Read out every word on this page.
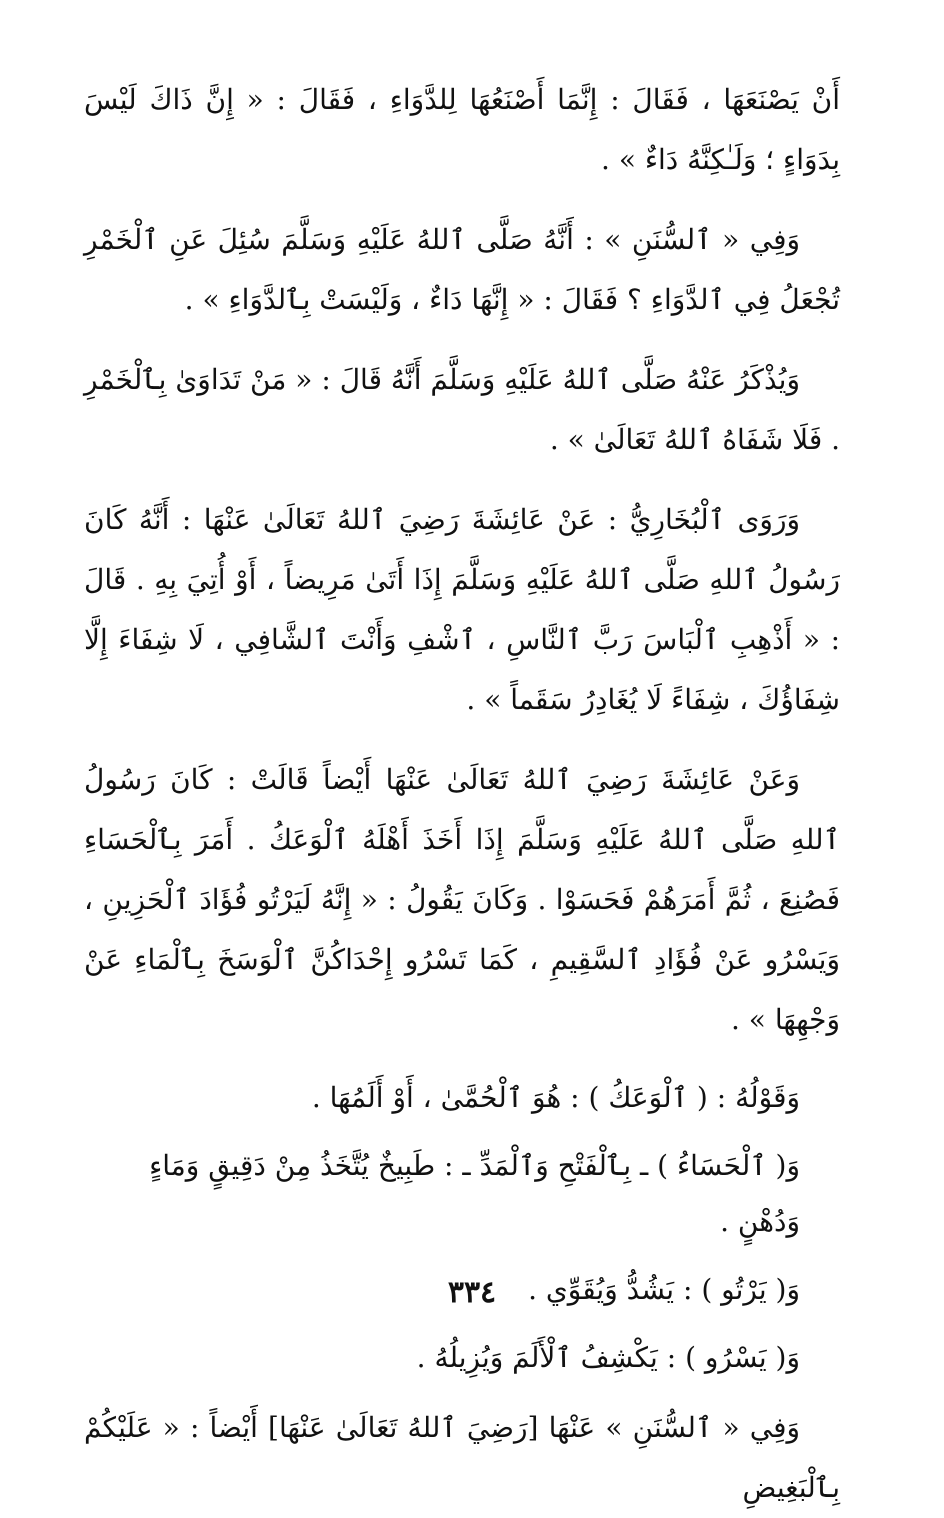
أَنْ يَصْنَعَهَا ، فَقَالَ : إِنَّمَا أَصْنَعُهَا لِلدَّوَاءِ ، فَقَالَ : « إِنَّ ذَاكَ لَيْسَ بِدَوَاءٍ ؛ وَلَـٰكِنَّهُ دَاءٌ » .

وَفِي « ٱلسُّنَنِ » : أَنَّهُ صَلَّى ٱللهُ عَلَيْهِ وَسَلَّمَ سُئِلَ عَنِ ٱلْخَمْرِ تُجْعَلُ فِي ٱلدَّوَاءِ ؟ فَقَالَ : « إِنَّهَا دَاءٌ ، وَلَيْسَتْ بِٱلدَّوَاءِ » .

وَيُذْكَرُ عَنْهُ صَلَّى ٱللهُ عَلَيْهِ وَسَلَّمَ أَنَّهُ قَالَ : « مَنْ تَدَاوَىٰ بِٱلْخَمْرِ . فَلَا شَفَاهُ ٱللهُ تَعَالَىٰ » .

وَرَوَى ٱلْبُخَارِيُّ : عَنْ عَائِشَةَ رَضِيَ ٱللهُ تَعَالَىٰ عَنْهَا : أَنَّهُ كَانَ رَسُولُ ٱللهِ صَلَّى ٱللهُ عَلَيْهِ وَسَلَّمَ إِذَا أَتَىٰ مَرِيضاً ، أَوْ أُتِيَ بِهِ . قَالَ : « أَذْهِبِ ٱلْبَاسَ رَبَّ ٱلنَّاسِ ، ٱشْفِ وَأَنْتَ ٱلشَّافِي ، لَا شِفَاءَ إِلَّا شِفَاؤُكَ ، شِفَاءً لَا يُغَادِرُ سَقَماً » .

وَعَنْ عَائِشَةَ رَضِيَ ٱللهُ تَعَالَىٰ عَنْهَا أَيْضاً قَالَتْ : كَانَ رَسُولُ ٱللهِ صَلَّى ٱللهُ عَلَيْهِ وَسَلَّمَ إِذَا أَخَذَ أَهْلَهُ ٱلْوَعَكُ . أَمَرَ بِٱلْحَسَاءِ فَصُنِعَ ، ثُمَّ أَمَرَهُمْ فَحَسَوْا . وَكَانَ يَقُولُ : « إِنَّهُ لَيَرْتُو فُؤَادَ ٱلْحَزِينِ ، وَيَسْرُو عَنْ فُؤَادِ ٱلسَّقِيمِ ، كَمَا تَسْرُو إِحْدَاكُنَّ ٱلْوَسَخَ بِٱلْمَاءِ عَنْ وَجْهِهَا » .

وَقَوْلُهُ : ( ٱلْوَعَكُ ) : هُوَ ٱلْحُمَّىٰ ، أَوْ أَلَمُهَا .

وَ( ٱلْحَسَاءُ ) ـ بِٱلْفَتْحِ وَٱلْمَدِّ ـ : طَبِيخٌ يُتَّخَذُ مِنْ دَقِيقٍ وَمَاءٍ وَدُهْنٍ .

وَ( يَرْتُو ) : يَشُدُّ وَيُقَوِّي .

وَ( يَسْرُو ) : يَكْشِفُ ٱلْأَلَمَ وَيُزِيلُهُ .

وَفِي « ٱلسُّنَنِ » عَنْهَا [رَضِيَ ٱللهُ تَعَالَىٰ عَنْهَا] أَيْضاً : « عَلَيْكُمْ بِٱلْبَغِيضِ

٣٣٤
